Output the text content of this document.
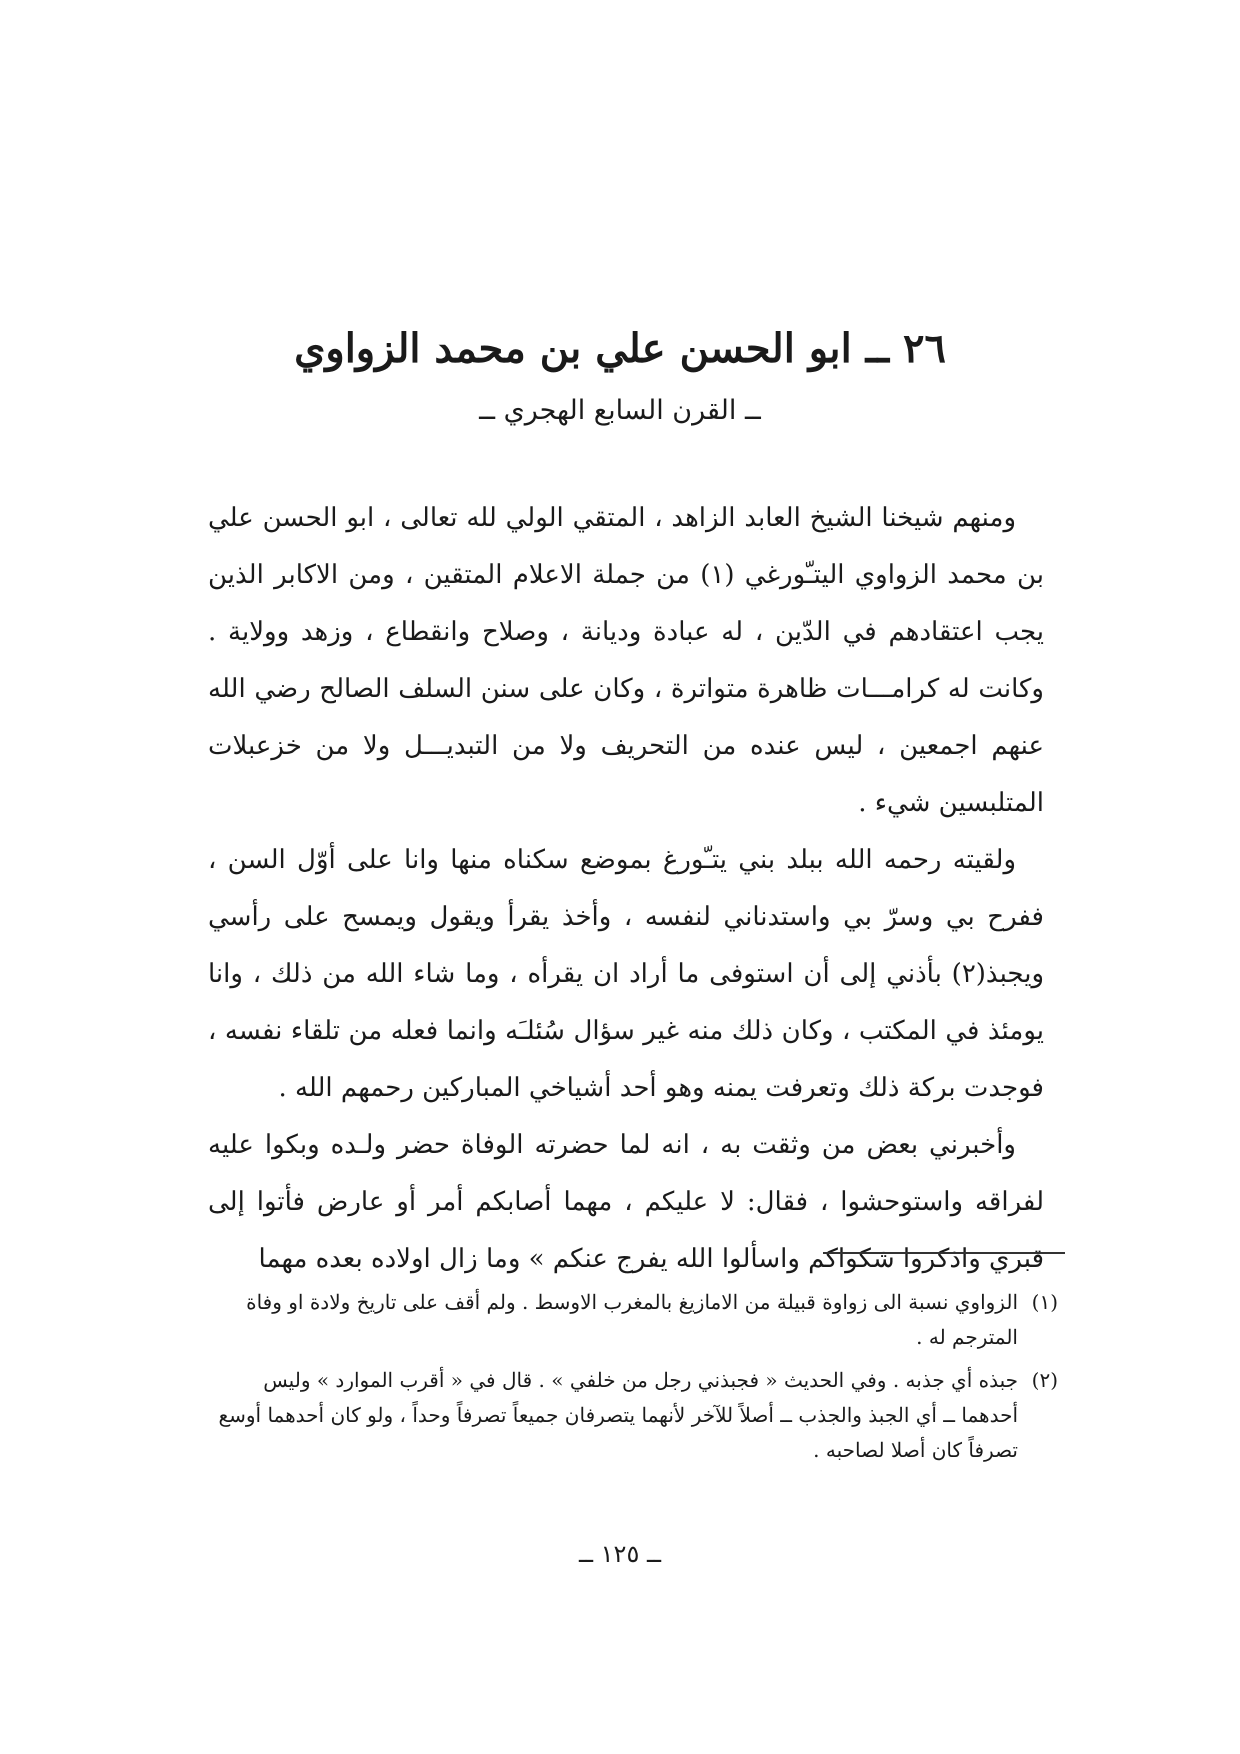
٢٦ ــ ابو الحسن علي بن محمد الزواوي
ــ القرن السابع الهجري ــ

ومنهم شيخنا الشيخ العابد الزاهد ، المتقي الولي لله تعالى ، ابو الحسن علي بن محمد الزواوي اليتـّورغي (١) من جملة الاعلام المتقين ، ومن الاكابر الذين يجب اعتقادهم في الدّين ، له عبادة وديانة ، وصلاح وانقطاع ، وزهد وولاية . وكانت له كرامـــات ظاهرة متواترة ، وكان على سنن السلف الصالح رضي الله عنهم اجمعين ، ليس عنده من التحريف ولا من التبديـــل ولا من خزعبلات المتلبسين شيء .

ولقيته رحمه الله ببلد بني يتـّورغ بموضع سكناه منها وانا على أوّل السن ، ففرح بي وسرّ بي واستدناني لنفسه ، وأخذ يقرأ ويقول ويمسح على رأسي ويجبذ(٢) بأذني إلى أن استوفى ما أراد ان يقرأه ، وما شاء الله من ذلك ، وانا يومئذ في المكتب ، وكان ذلك منه غير سؤال سُئلـَه وانما فعله من تلقاء نفسه ، فوجدت بركة ذلك وتعرفت يمنه وهو أحد أشياخي المباركين رحمهم الله .

وأخبرني بعض من وثقت به ، انه لما حضرته الوفاة حضر ولـده وبكوا عليه لفراقه واستوحشوا ، فقال: لا عليكم ، مهما أصابكم أمر أو عارض فأتوا إلى قبري واذكروا شكواكم واسألوا الله يفرج عنكم » وما زال اولاده بعده مهما

(١)
الزواوي نسبة الى زواوة قبيلة من الامازيغ بالمغرب الاوسط . ولم أقف على تاريخ ولادة او وفاة المترجم له .

(٢)
جبذه أي جذبه . وفي الحديث « فجبذني رجل من خلفي » . قال في « أقرب الموارد » وليس أحدهما ــ أي الجبذ والجذب ــ أصلاً للآخر لأنهما يتصرفان جميعاً تصرفاً وحداً ، ولو كان أحدهما أوسع تصرفاً كان أصلا لصاحبه .

ــ ١٢٥ ــ
